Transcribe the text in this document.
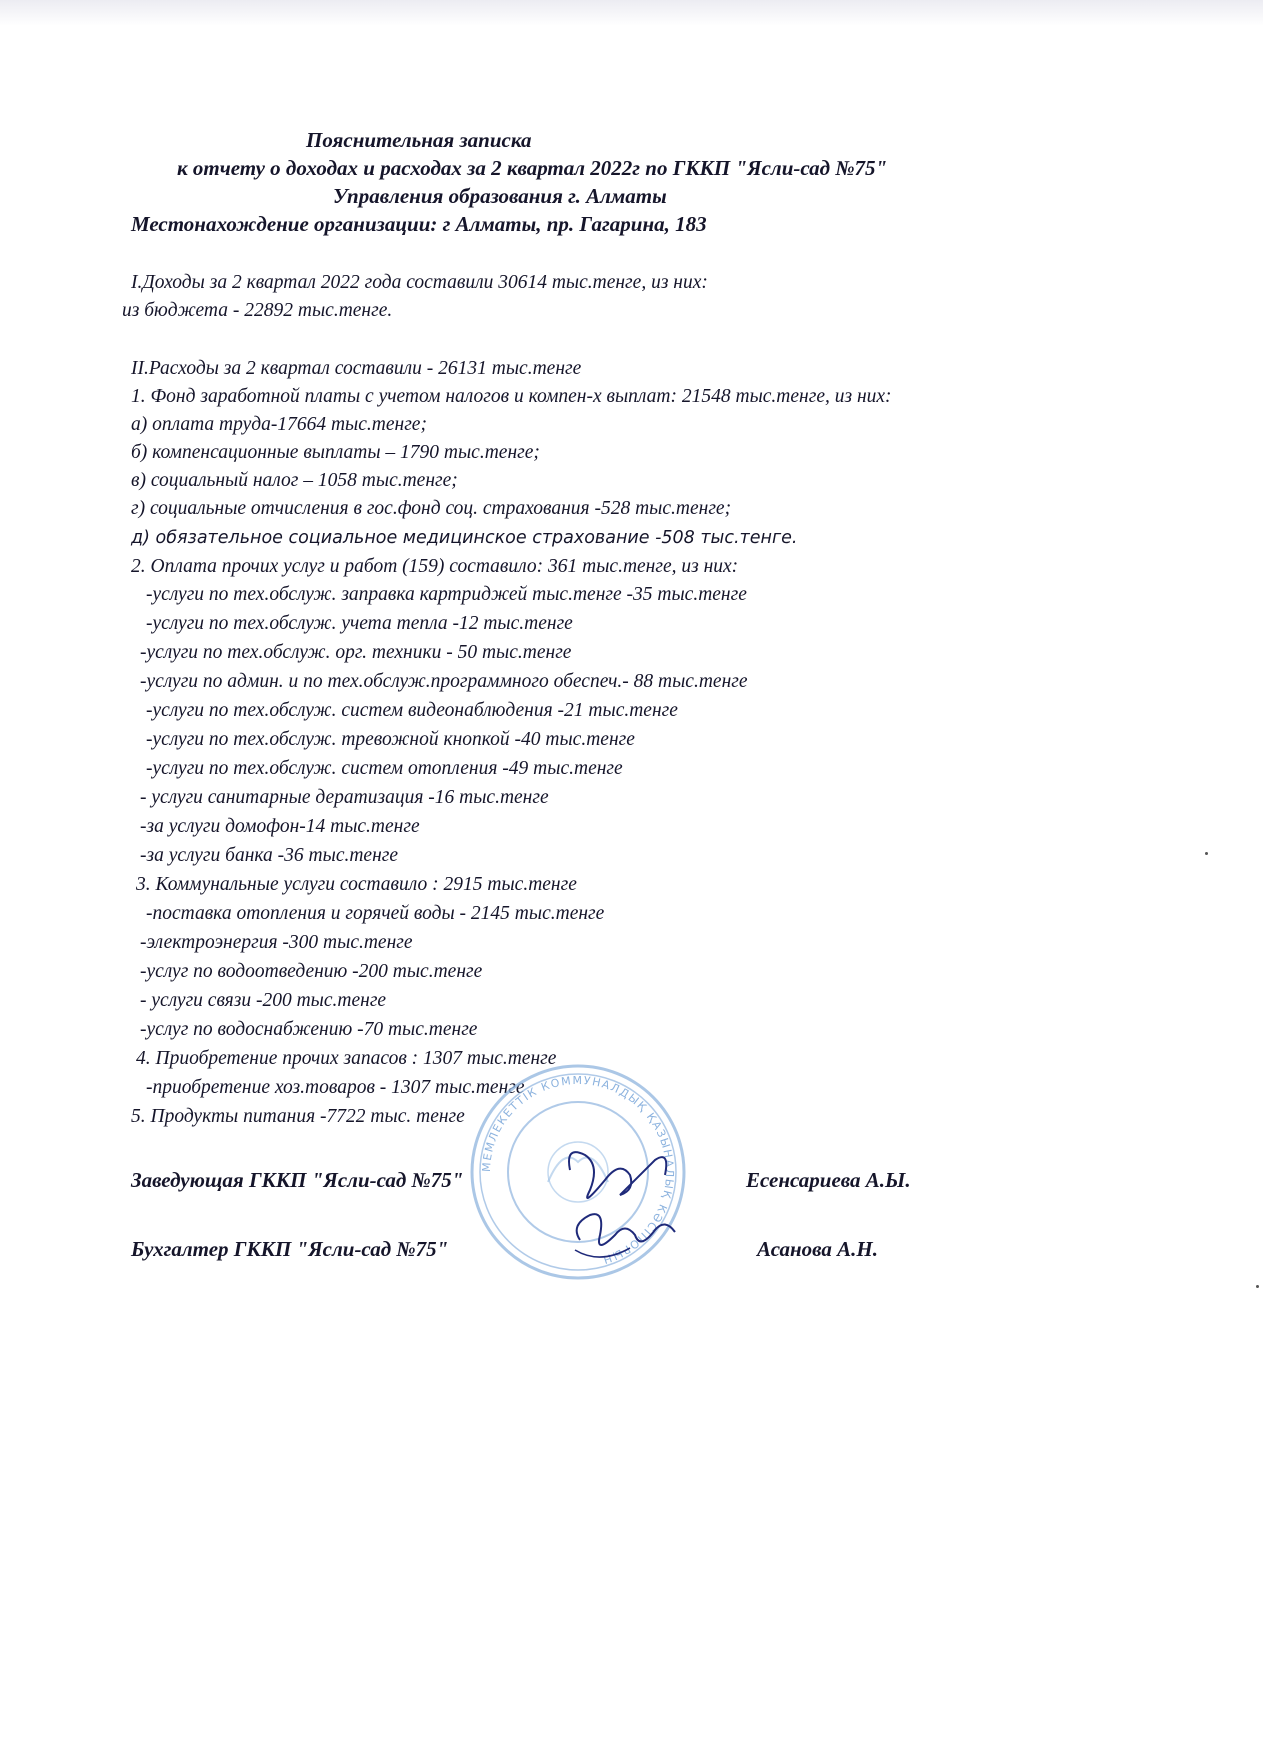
Пояснительная записка
к отчету о доходах и расходах за 2 квартал 2022г по ГККП "Ясли-сад №75"
Управления образования г. Алматы
Местонахождение организации: г Алматы, пр. Гагарина, 183
I.Доходы за 2 квартал 2022 года составили 30614 тыс.тенге, из них:
из бюджета - 22892 тыс.тенге.
II.Расходы за 2 квартал составили - 26131 тыс.тенге
1. Фонд заработной платы с учетом налогов и компен-х выплат: 21548 тыс.тенге, из них:
а) оплата труда-17664 тыс.тенге;
б) компенсационные выплаты – 1790 тыс.тенге;
в) социальный налог – 1058 тыс.тенге;
г) социальные отчисления в гос.фонд соц. страхования -528 тыс.тенге;
д) обязательное социальное медицинское страхование -508 тыс.тенге.
2. Оплата прочих услуг и работ (159) составило: 361 тыс.тенге, из них:
-услуги по тех.обслуж. заправка картриджей тыс.тенге -35 тыс.тенге
-услуги по тех.обслуж. учета тепла -12 тыс.тенге
-услуги по тех.обслуж. орг. техники - 50 тыс.тенге
-услуги по админ. и по тех.обслуж.программного обеспеч.- 88 тыс.тенге
-услуги по тех.обслуж. систем видеонаблюдения -21 тыс.тенге
-услуги по тех.обслуж. тревожной кнопкой -40 тыс.тенге
-услуги по тех.обслуж. систем отопления -49 тыс.тенге
- услуги санитарные дератизация -16 тыс.тенге
-за услуги домофон-14 тыс.тенге
-за услуги банка -36 тыс.тенге
3. Коммунальные услуги составило : 2915 тыс.тенге
-поставка отопления и горячей воды - 2145 тыс.тенге
-электроэнергия -300 тыс.тенге
-услуг по водоотведению -200 тыс.тенге
- услуги связи -200 тыс.тенге
-услуг по водоснабжению -70 тыс.тенге
4. Приобретение прочих запасов : 1307 тыс.тенге
-приобретение хоз.товаров - 1307 тыс.тенге
5. Продукты питания -7722 тыс. тенге
МЕМЛЕКЕТТІК КОММУНАЛДЫҚ ҚАЗЫНАЛЫҚ КӘСІПОРЫН
Заведующая ГККП "Ясли-сад №75"	Есенсариева А.Ы.
Бухгалтер ГККП "Ясли-сад №75"	Асанова А.Н.
